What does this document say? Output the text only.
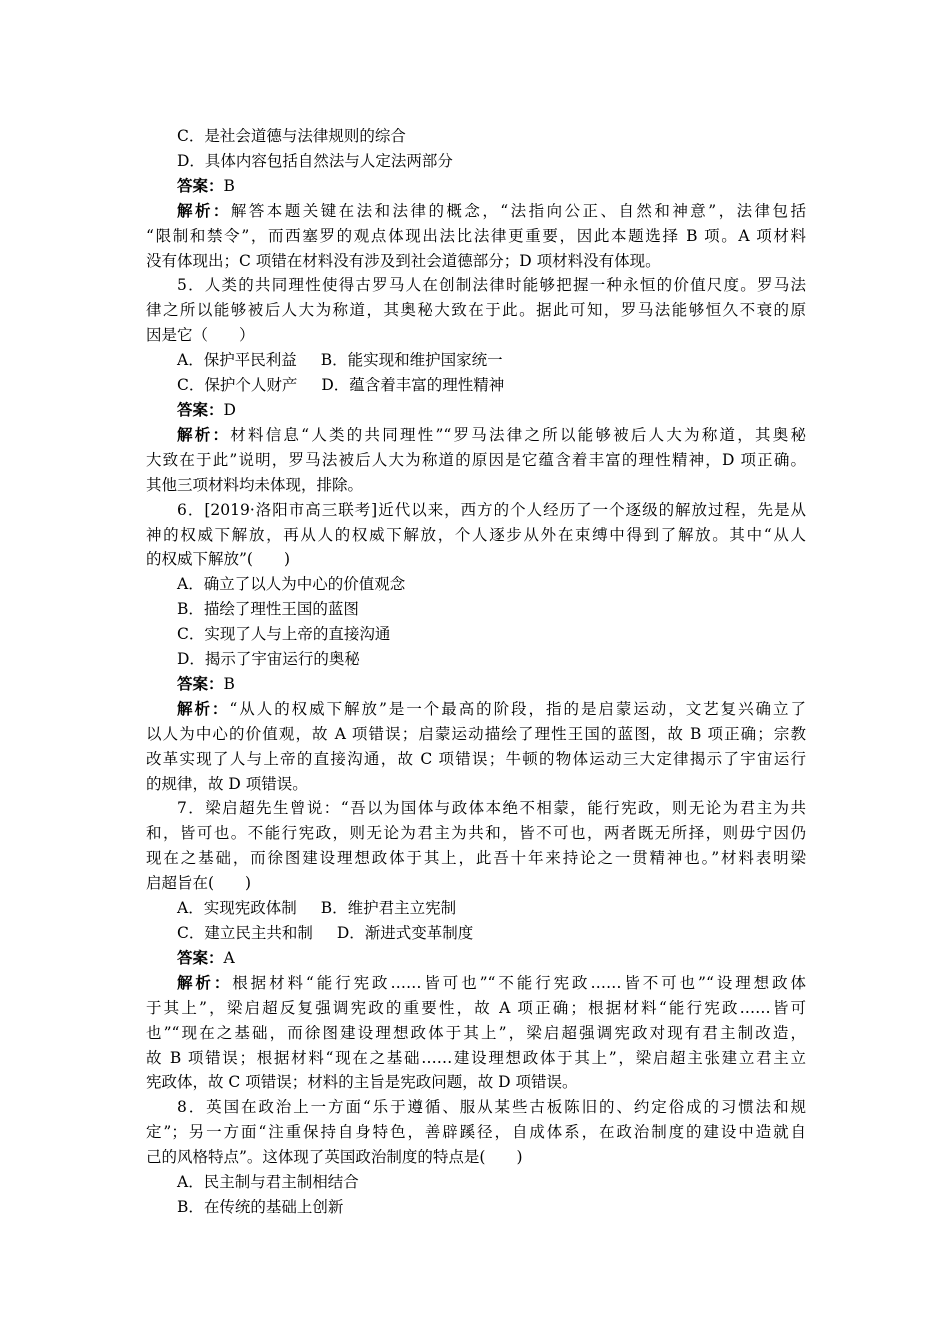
C．是社会道德与法律规则的综合
D．具体内容包括自然法与人定法两部分
答案：B
解析：解答本题关键在法和法律的概念，“法指向公正、自然和神意”，法律包括
“限制和禁令”，而西塞罗的观点体现出法比法律更重要，因此本题选择 B 项。A 项材料
没有体现出；C 项错在材料没有涉及到社会道德部分；D 项材料没有体现。
5．人类的共同理性使得古罗马人在创制法律时能够把握一种永恒的价值尺度。罗马法
律之所以能够被后人大为称道，其奥秘大致在于此。据此可知，罗马法能够恒久不衰的原
因是它（　　）
A．保护平民利益 B．能实现和维护国家统一
C．保护个人财产 D．蕴含着丰富的理性精神
答案：D
解析：材料信息“人类的共同理性”“罗马法律之所以能够被后人大为称道，其奥秘
大致在于此”说明，罗马法被后人大为称道的原因是它蕴含着丰富的理性精神，D 项正确。
其他三项材料均未体现，排除。
6．[2019·洛阳市高三联考]近代以来，西方的个人经历了一个逐级的解放过程，先是从
神的权威下解放，再从人的权威下解放，个人逐步从外在束缚中得到了解放。其中“从人
的权威下解放”(　　)
A．确立了以人为中心的价值观念
B．描绘了理性王国的蓝图
C．实现了人与上帝的直接沟通
D．揭示了宇宙运行的奥秘
答案：B
解析：“从人的权威下解放”是一个最高的阶段，指的是启蒙运动，文艺复兴确立了
以人为中心的价值观，故 A 项错误；启蒙运动描绘了理性王国的蓝图，故 B 项正确；宗教
改革实现了人与上帝的直接沟通，故 C 项错误；牛顿的物体运动三大定律揭示了宇宙运行
的规律，故 D 项错误。
7．梁启超先生曾说：“吾以为国体与政体本绝不相蒙，能行宪政，则无论为君主为共
和，皆可也。不能行宪政，则无论为君主为共和，皆不可也，两者既无所择，则毋宁因仍
现在之基础，而徐图建设理想政体于其上，此吾十年来持论之一贯精神也。”材料表明梁
启超旨在(　　)
A．实现宪政体制 B．维护君主立宪制
C．建立民主共和制 D．渐进式变革制度
答案：A
解析：根据材料“能行宪政……皆可也”“不能行宪政……皆不可也”“设理想政体
于其上”，梁启超反复强调宪政的重要性，故 A 项正确；根据材料“能行宪政……皆可
也”“现在之基础，而徐图建设理想政体于其上”，梁启超强调宪政对现有君主制改造，
故 B 项错误；根据材料“现在之基础……建设理想政体于其上”，梁启超主张建立君主立
宪政体，故 C 项错误；材料的主旨是宪政问题，故 D 项错误。
8．英国在政治上一方面“乐于遵循、服从某些古板陈旧的、约定俗成的习惯法和规
定”；另一方面“注重保持自身特色，善辟蹊径，自成体系，在政治制度的建设中造就自
己的风格特点”。这体现了英国政治制度的特点是(　　)
A．民主制与君主制相结合
B．在传统的基础上创新
